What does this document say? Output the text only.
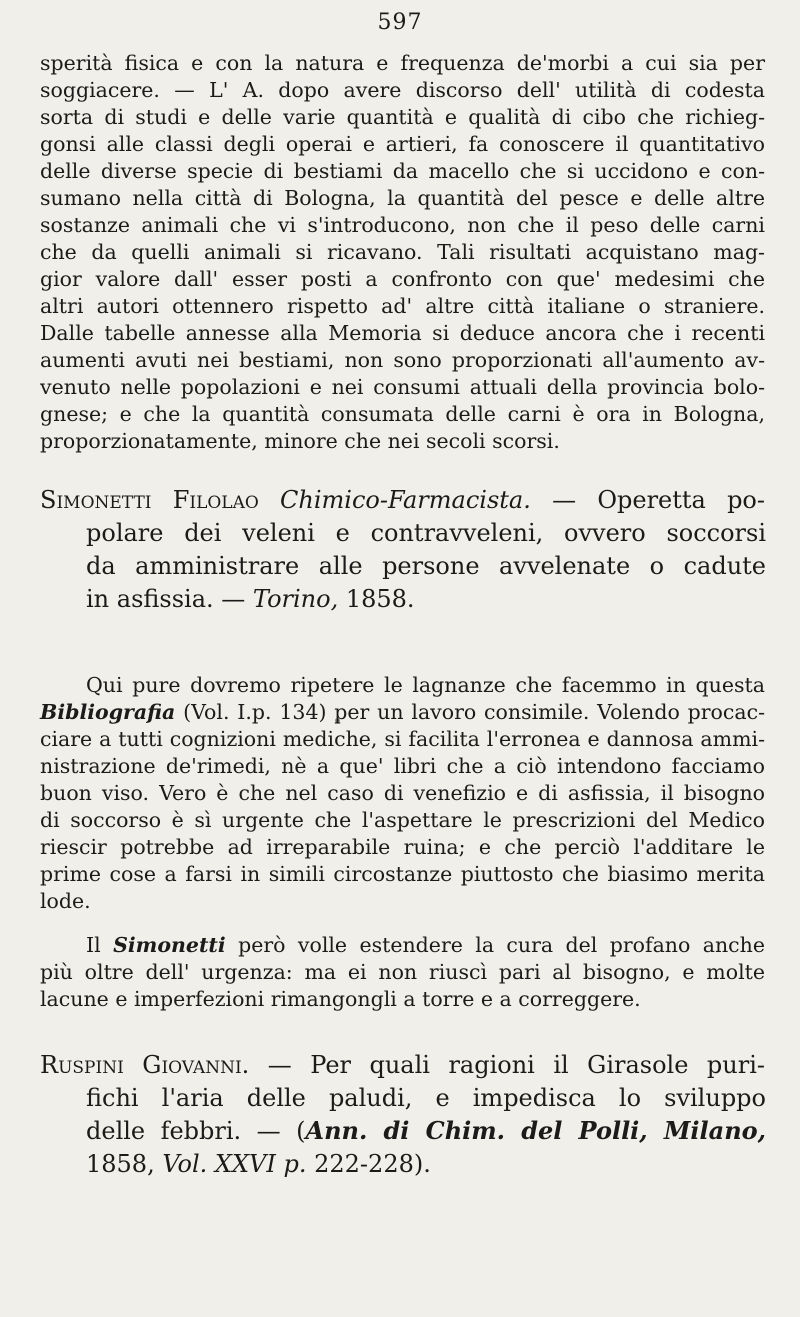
597
sperità fisica e con la natura e frequenza de'morbi a cui sia per
soggiacere. — L' A. dopo avere discorso dell' utilità di codesta
sorta di studi e delle varie quantità e qualità di cibo che richieg-
gonsi alle classi degli operai e artieri, fa conoscere il quantitativo
delle diverse specie di bestiami da macello che si uccidono e con-
sumano nella città di Bologna, la quantità del pesce e delle altre
sostanze animali che vi s'introducono, non che il peso delle carni
che da quelli animali si ricavano. Tali risultati acquistano mag-
gior valore dall' esser posti a confronto con que' medesimi che
altri autori ottennero rispetto ad' altre città italiane o straniere.
Dalle tabelle annesse alla Memoria si deduce ancora che i recenti
aumenti avuti nei bestiami, non sono proporzionati all'aumento av-
venuto nelle popolazioni e nei consumi attuali della provincia bolo-
gnese; e che la quantità consumata delle carni è ora in Bologna,
proporzionatamente, minore che nei secoli scorsi.
Simonetti Filolao Chimico-Farmacista. — Operetta po-
polare dei veleni e contravveleni, ovvero soccorsi
da amministrare alle persone avvelenate o cadute
in asfissia. — Torino, 1858.
Qui pure dovremo ripetere le lagnanze che facemmo in questa
Bibliografia (Vol. I.p. 134) per un lavoro consimile. Volendo procac-
ciare a tutti cognizioni mediche, si facilita l'erronea e dannosa ammi-
nistrazione de'rimedi, nè a que' libri che a ciò intendono facciamo
buon viso. Vero è che nel caso di venefizio e di asfissia, il bisogno
di soccorso è sì urgente che l'aspettare le prescrizioni del Medico
riescir potrebbe ad irreparabile ruina; e che perciò l'additare le
prime cose a farsi in simili circostanze piuttosto che biasimo merita
lode.
Il Simonetti però volle estendere la cura del profano anche
più oltre dell' urgenza: ma ei non riuscì pari al bisogno, e molte
lacune e imperfezioni rimangongli a torre e a correggere.
Ruspini Giovanni. — Per quali ragioni il Girasole puri-
fichi l'aria delle paludi, e impedisca lo sviluppo
delle febbri. — (Ann. di Chim. del Polli, Milano,
1858, Vol. XXVI p. 222-228).
